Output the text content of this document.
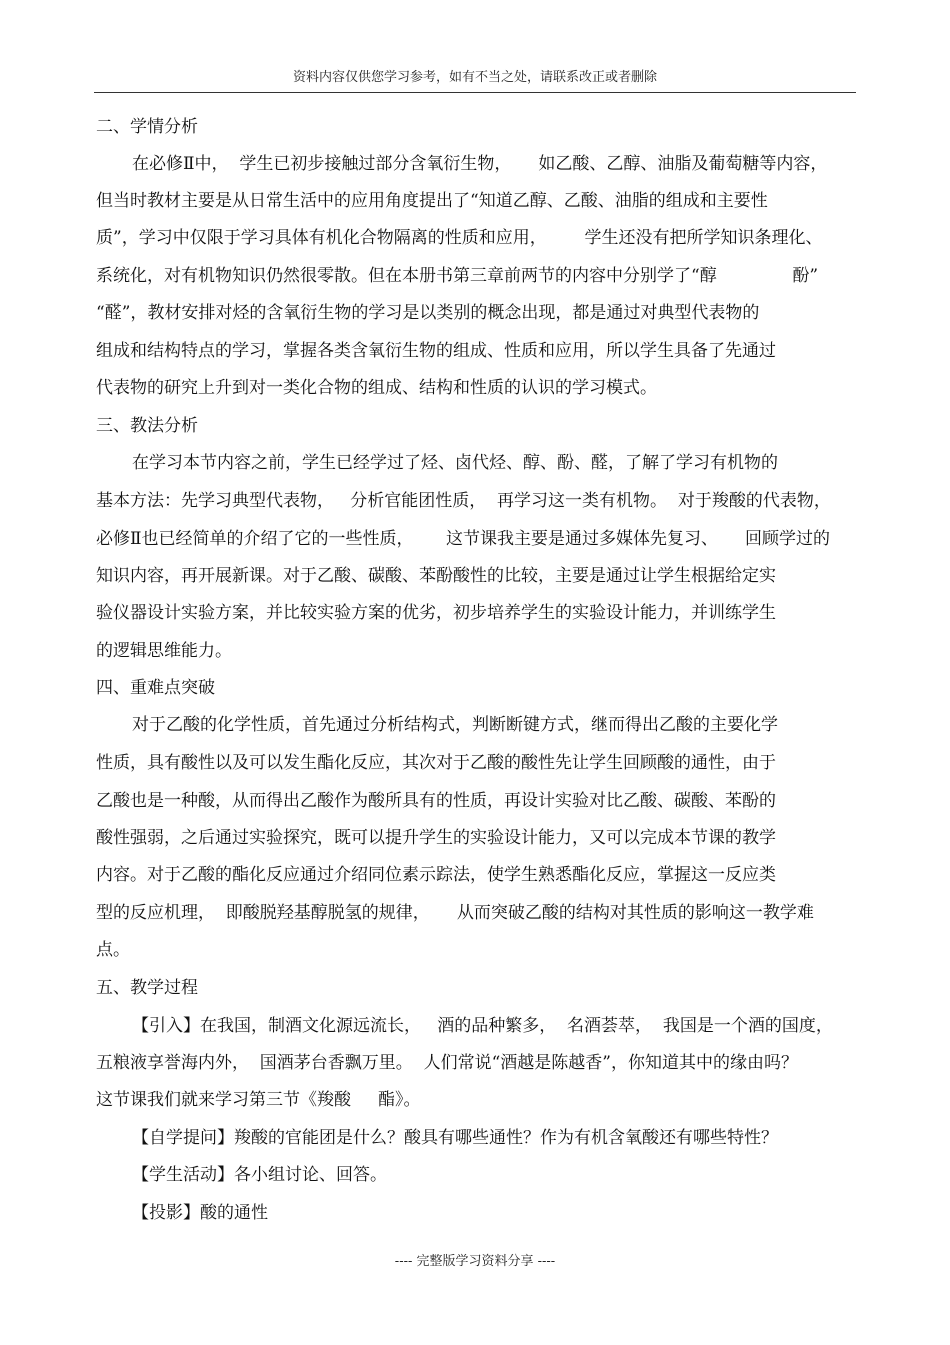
资料内容仅供您学习参考，如有不当之处，请联系改正或者删除
二、学情分析
在必修Ⅱ中，  学生已初步接触过部分含氧衍生物，     如乙酸、乙醇、油脂及葡萄糖等内容，
但当时教材主要是从日常生活中的应用角度提出了“知道乙醇、乙酸、油脂的组成和主要性
质”，学习中仅限于学习具体有机化合物隔离的性质和应用，       学生还没有把所学知识条理化、
系统化，对有机物知识仍然很零散。但在本册书第三章前两节的内容中分别学了“醇              酚”
“醛”，教材安排对烃的含氧衍生物的学习是以类别的概念出现，都是通过对典型代表物的
组成和结构特点的学习，掌握各类含氧衍生物的组成、性质和应用，所以学生具备了先通过
代表物的研究上升到对一类化合物的组成、结构和性质的认识的学习模式。
三、教法分析
在学习本节内容之前，学生已经学过了烃、卤代烃、醇、酚、醛，了解了学习有机物的
基本方法：先学习典型代表物，   分析官能团性质，  再学习这一类有机物。  对于羧酸的代表物，
必修Ⅱ也已经简单的介绍了它的一些性质，      这节课我主要是通过多媒体先复习、     回顾学过的
知识内容，再开展新课。对于乙酸、碳酸、苯酚酸性的比较，主要是通过让学生根据给定实
验仪器设计实验方案，并比较实验方案的优劣，初步培养学生的实验设计能力，并训练学生
的逻辑思维能力。
四、重难点突破
对于乙酸的化学性质，首先通过分析结构式，判断断键方式，继而得出乙酸的主要化学
性质，具有酸性以及可以发生酯化反应，其次对于乙酸的酸性先让学生回顾酸的通性，由于
乙酸也是一种酸，从而得出乙酸作为酸所具有的性质，再设计实验对比乙酸、碳酸、苯酚的
酸性强弱，之后通过实验探究，既可以提升学生的实验设计能力，又可以完成本节课的教学
内容。对于乙酸的酯化反应通过介绍同位素示踪法，使学生熟悉酯化反应，掌握这一反应类
型的反应机理，  即酸脱羟基醇脱氢的规律，     从而突破乙酸的结构对其性质的影响这一教学难
点。
五、教学过程
【引入】在我国，制酒文化源远流长，   酒的品种繁多，  名酒荟萃，  我国是一个酒的国度，
五粮液享誉海内外，  国酒茅台香飘万里。  人们常说“酒越是陈越香”，你知道其中的缘由吗？
这节课我们就来学习第三节《羧酸     酯》。
【自学提问】羧酸的官能团是什么？酸具有哪些通性？作为有机含氧酸还有哪些特性？
【学生活动】各小组讨论、回答。
【投影】酸的通性
---- 完整版学习资料分享 ----
